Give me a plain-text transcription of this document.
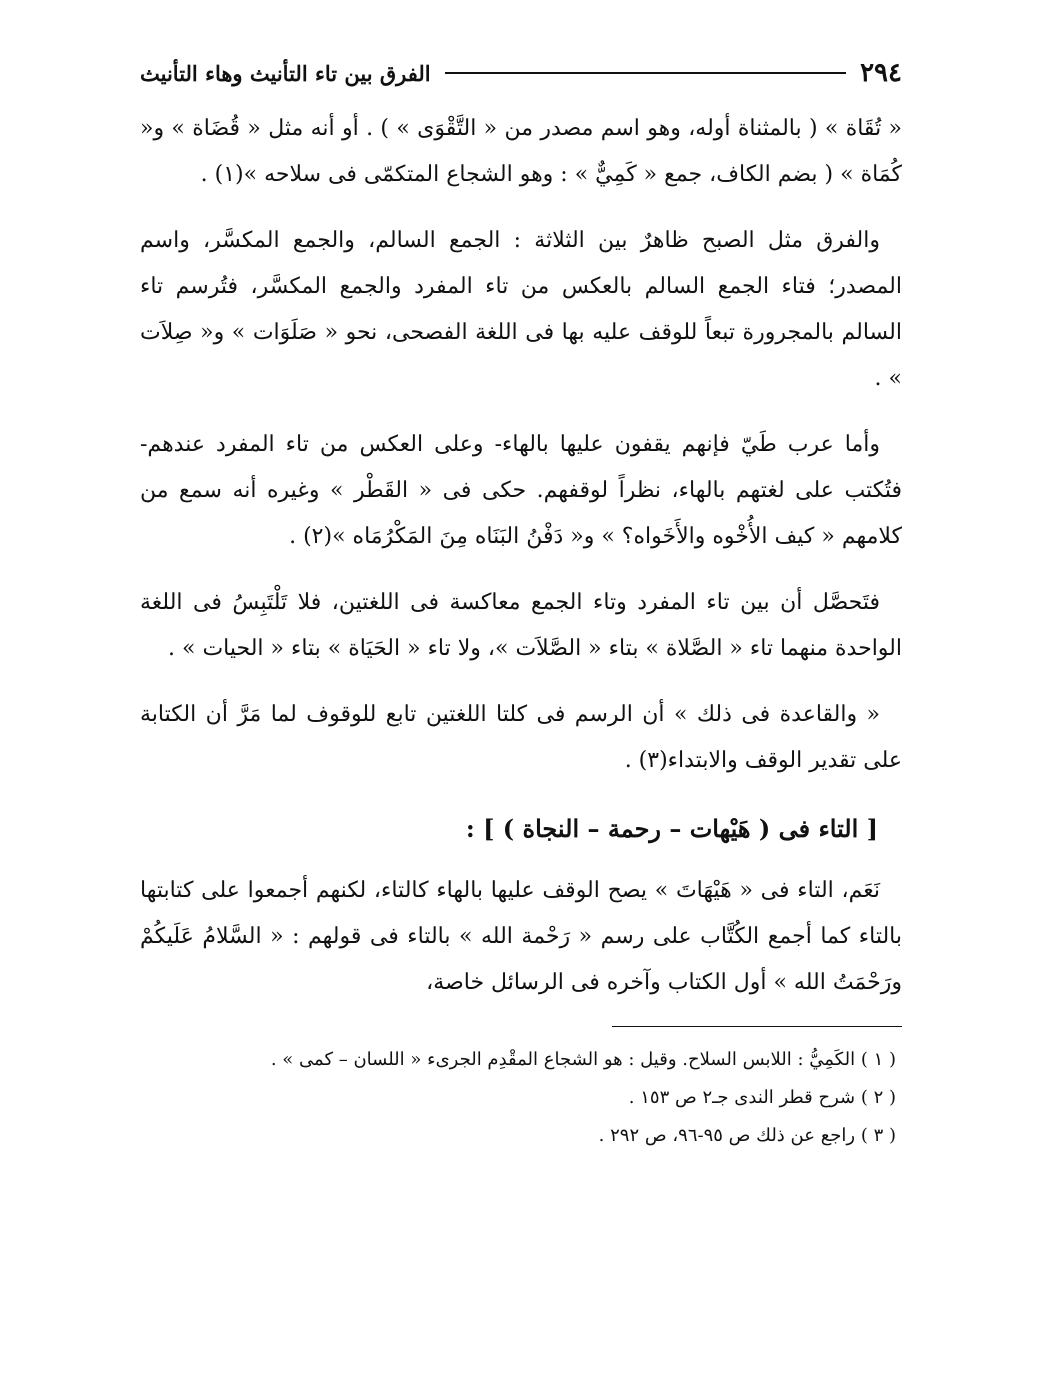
٢٩٤
الفرق بين تاء التأنيث وهاء التأنيث

« تُقَاة » ( بالمثناة أوله، وهو اسم مصدر من « التَّقْوَى » ) . أو أنه مثل « قُضَاة » و« كُمَاة » ( بضم الكاف، جمع « كَمِيٌّ » : وهو الشجاع المتكمّى فى سلاحه »(١) .

والفرق مثل الصبح ظاهرٌ بين الثلاثة : الجمع السالم، والجمع المكسَّر، واسم المصدر؛ فتاء الجمع السالم بالعكس من تاء المفرد والجمع المكسَّر، فتُرسم تاء السالم بالمجرورة تبعاً للوقف عليه بها فى اللغة الفصحى، نحو « صَلَوَات » و« صِلاَت » .

وأما عرب طَيّ فإنهم يقفون عليها بالهاء- وعلى العكس من تاء المفرد عندهم- فتُكتب على لغتهم بالهاء، نظراً لوقفهم. حكى فى « القَطْر » وغيره أنه سمع من كلامهم « كيف الأُخْوه والأَخَواه؟ » و« دَفْنُ البَنَاه مِنَ المَكْرُمَاه »(٢) .

فتَحصَّل أن بين تاء المفرد وتاء الجمع معاكسة فى اللغتين، فلا تَلْتَبِسُ فى اللغة الواحدة منهما تاء « الصَّلاة » بتاء « الصَّلاَت »، ولا تاء « الحَيَاة » بتاء « الحيات » .

« والقاعدة فى ذلك » أن الرسم فى كلتا اللغتين تابع للوقوف لما مَرَّ أن الكتابة على تقدير الوقف والابتداء(٣) .

[ التاء فى ( هَيْهات – رحمة – النجاة ) ] :

نَعَم، التاء فى « هَيْهَاتَ » يصح الوقف عليها بالهاء كالتاء، لكنهم أجمعوا على كتابتها بالتاء كما أجمع الكُتَّاب على رسم « رَحْمة الله » بالتاء فى قولهم : « السَّلامُ عَلَيكُمْ ورَحْمَتُ الله » أول الكتاب وآخره فى الرسائل خاصة،

( ١ ) الكَمِيُّ : اللابس السلاح. وقيل : هو الشجاع المقْدِم الجرىء « اللسان – كمى » .
( ٢ ) شرح قطر الندى جـ٢ ص ١٥٣ .
( ٣ ) راجع عن ذلك ص ٩٥-٩٦، ص ٢٩٢ .
